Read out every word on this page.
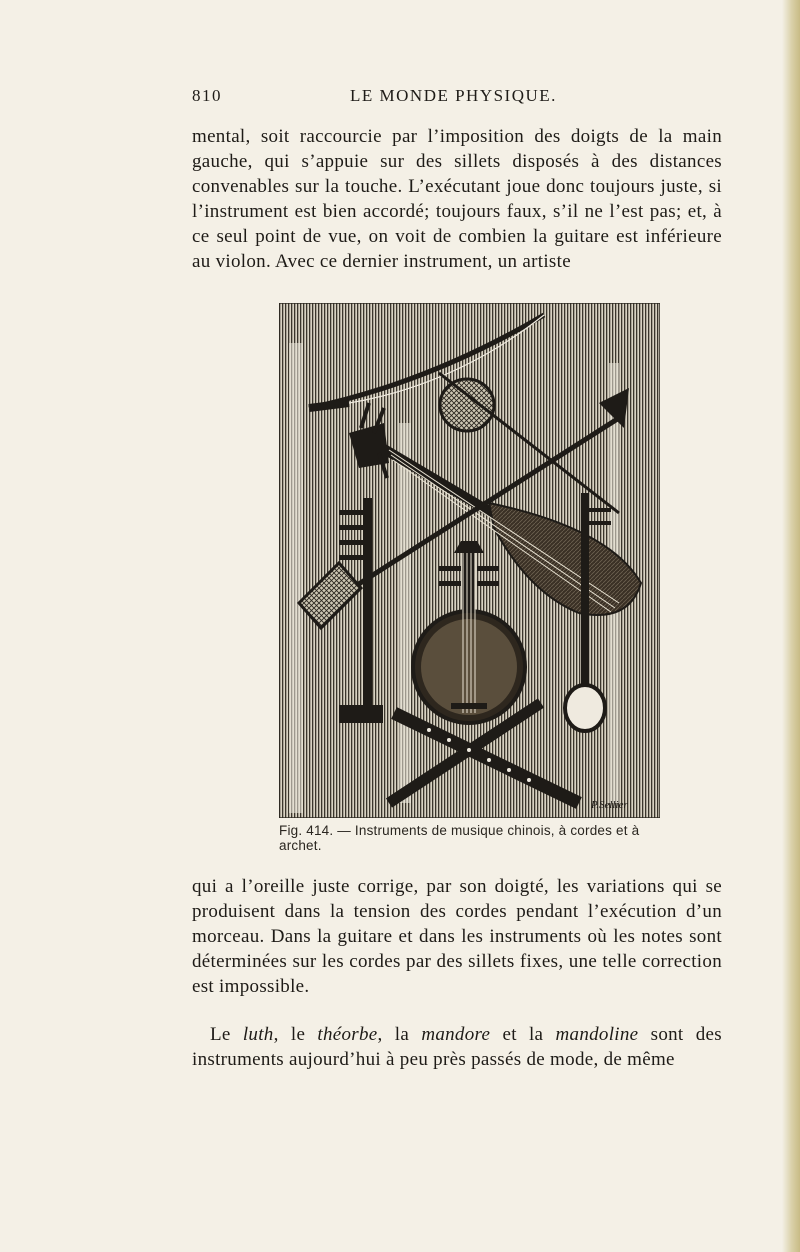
810	LE MONDE PHYSIQUE.

mental, soit raccourcie par l’imposition des doigts de la main gauche, qui s’appuie sur des sillets disposés à des distances convenables sur la touche. L’exécutant joue donc toujours juste, si l’instrument est bien accordé; toujours faux, s’il ne l’est pas; et, à ce seul point de vue, on voit de combien la guitare est inférieure au violon. Avec ce dernier instrument, un artiste

P.Sellier
Fig. 414. — Instruments de musique chinois, à cordes et à archet.

qui a l’oreille juste corrige, par son doigté, les variations qui se produisent dans la tension des cordes pendant l’exécution d’un morceau. Dans la guitare et dans les instruments où les notes sont déterminées sur les cordes par des sillets fixes, une telle correction est impossible.

Le luth, le théorbe, la mandore et la mandoline sont des instruments aujourd’hui à peu près passés de mode, de même
